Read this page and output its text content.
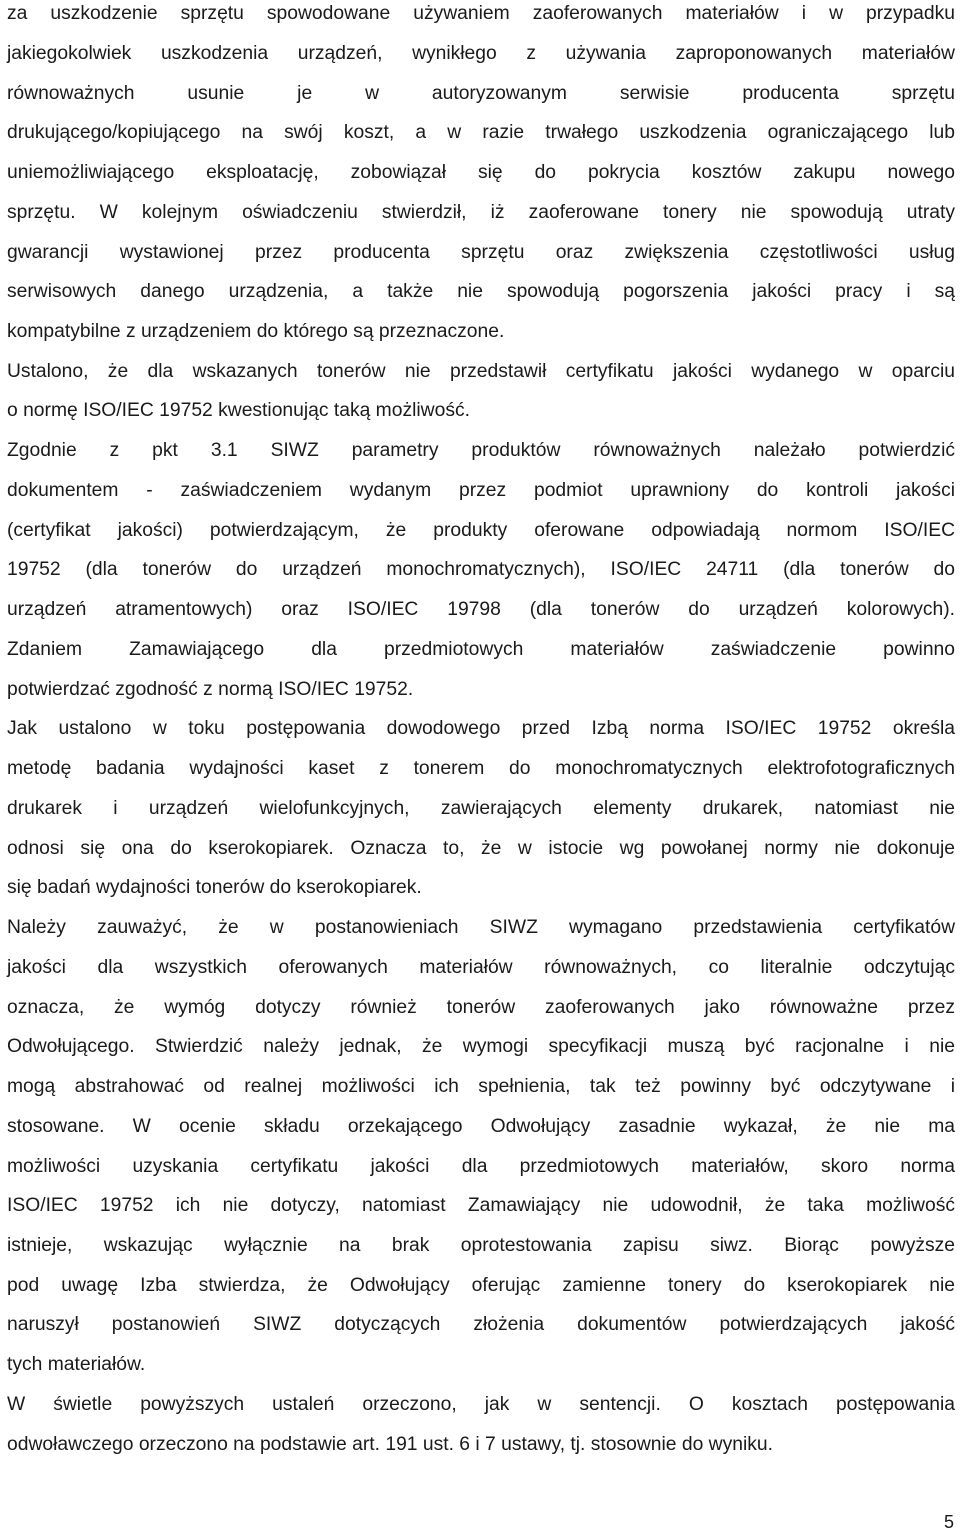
za uszkodzenie sprzętu spowodowane używaniem zaoferowanych materiałów i w przypadku
jakiegokolwiek uszkodzenia urządzeń, wynikłego z używania zaproponowanych materiałów
równoważnych usunie je w autoryzowanym serwisie producenta sprzętu
drukującego/kopiującego na swój koszt, a w razie trwałego uszkodzenia ograniczającego lub
uniemożliwiającego eksploatację, zobowiązał się do pokrycia kosztów zakupu nowego
sprzętu. W kolejnym oświadczeniu stwierdził, iż zaoferowane tonery nie spowodują utraty
gwarancji wystawionej przez producenta sprzętu oraz zwiększenia częstotliwości usług
serwisowych danego urządzenia, a także nie spowodują pogorszenia jakości pracy i są
kompatybilne z urządzeniem do którego są przeznaczone.
Ustalono, że dla wskazanych tonerów nie przedstawił certyfikatu jakości wydanego w oparciu
o normę ISO/IEC 19752 kwestionując taką możliwość.
Zgodnie z pkt 3.1 SIWZ parametry produktów równoważnych należało potwierdzić
dokumentem - zaświadczeniem wydanym przez podmiot uprawniony do kontroli jakości
(certyfikat jakości) potwierdzającym, że produkty oferowane odpowiadają normom ISO/IEC
19752 (dla tonerów do urządzeń monochromatycznych), ISO/IEC 24711 (dla tonerów do
urządzeń atramentowych) oraz ISO/IEC 19798 (dla tonerów do urządzeń kolorowych).
Zdaniem Zamawiającego dla przedmiotowych materiałów zaświadczenie powinno
potwierdzać zgodność z normą ISO/IEC 19752.
Jak ustalono w toku postępowania dowodowego przed Izbą norma ISO/IEC 19752 określa
metodę badania wydajności kaset z tonerem do monochromatycznych elektrofotograficznych
drukarek i urządzeń wielofunkcyjnych, zawierających elementy drukarek, natomiast nie
odnosi się ona do kserokopiarek. Oznacza to, że w istocie wg powołanej normy nie dokonuje
się badań wydajności tonerów do kserokopiarek.
Należy zauważyć, że w postanowieniach SIWZ wymagano przedstawienia certyfikatów
jakości dla wszystkich oferowanych materiałów równoważnych, co literalnie odczytując
oznacza, że wymóg dotyczy również tonerów zaoferowanych jako równoważne przez
Odwołującego. Stwierdzić należy jednak, że wymogi specyfikacji muszą być racjonalne i nie
mogą abstrahować od realnej możliwości ich spełnienia, tak też powinny być odczytywane i
stosowane. W ocenie składu orzekającego Odwołujący zasadnie wykazał, że nie ma
możliwości uzyskania certyfikatu jakości dla przedmiotowych materiałów, skoro norma
ISO/IEC 19752 ich nie dotyczy, natomiast Zamawiający nie udowodnił, że taka możliwość
istnieje, wskazując wyłącznie na brak oprotestowania zapisu siwz. Biorąc powyższe
pod uwagę Izba stwierdza, że Odwołujący oferując zamienne tonery do kserokopiarek nie
naruszył postanowień SIWZ dotyczących złożenia dokumentów potwierdzających jakość
tych materiałów.
W świetle powyższych ustaleń orzeczono, jak w sentencji. O kosztach postępowania
odwoławczego orzeczono na podstawie art. 191 ust. 6 i 7 ustawy, tj. stosownie do wyniku.
5
